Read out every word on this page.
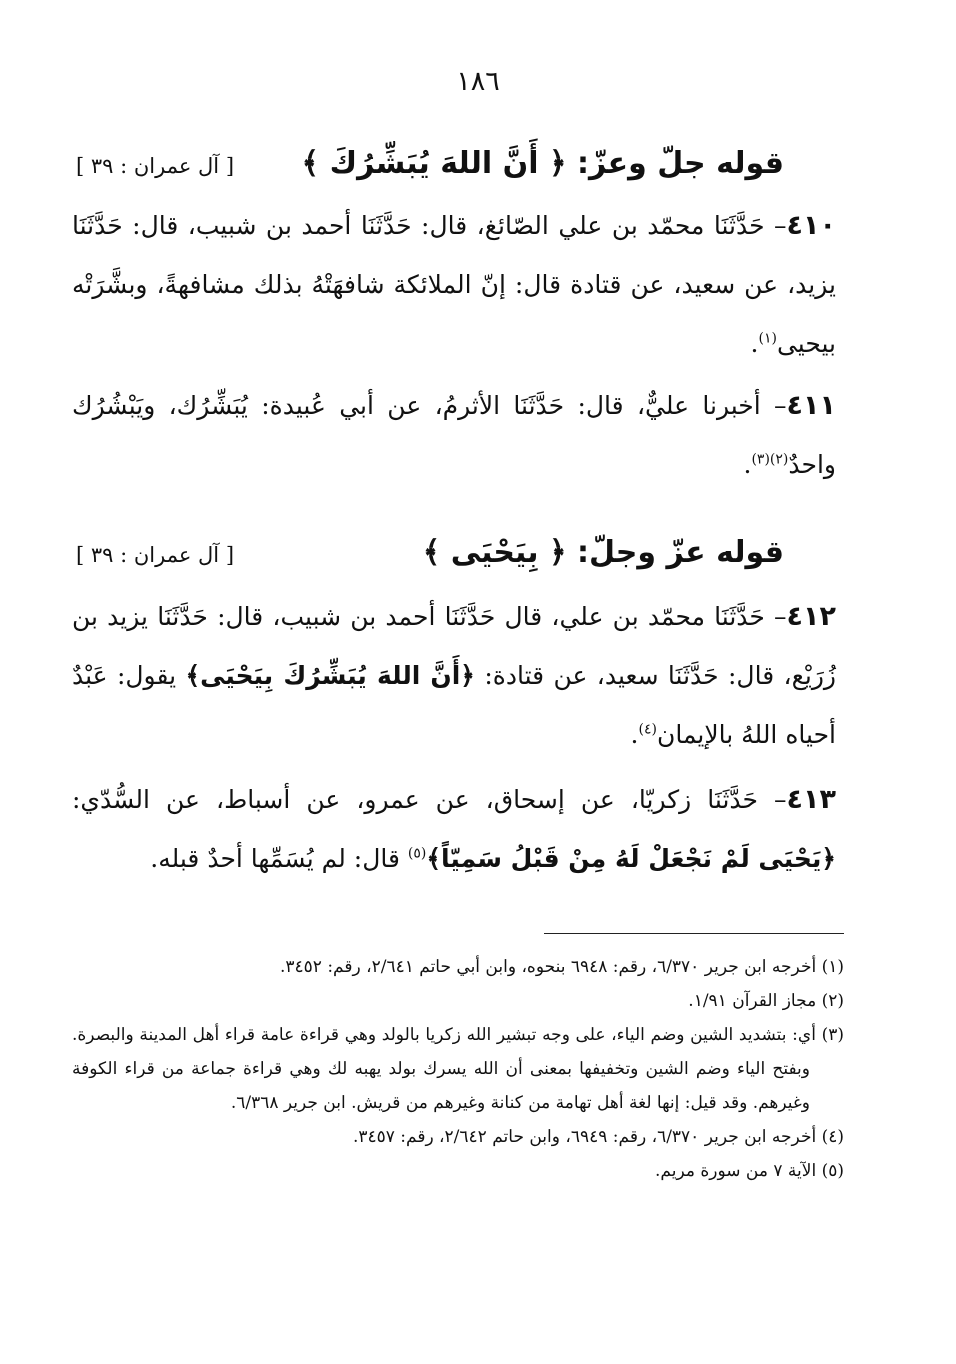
١٨٦
قوله جلّ وعزّ: ﴿ أَنَّ اللهَ يُبَشِّرُكَ ﴾
[ آل عمران : ٣٩ ]

٤١٠– حَدَّثَنَا محمّد بن علي الصّائغ، قال: حَدَّثَنَا أحمد بن شبيب، قال: حَدَّثَنَا يزيد، عن سعيد، عن قتادة قال: إنّ الملائكة شافهَتْهُ بذلك مشافهةً، وبشَّرَتْه بيحيى$^{(١)}$.

٤١١– أخبرنا عليٌّ، قال: حَدَّثَنَا الأثرمُ، عن أبي عُبيدة: يُبَشِّرُك، ويَبْشُرُك واحدٌ$^{(٢)(٣)}$.

قوله عزّ وجلّ: ﴿ بِيَحْيَى ﴾
[ آل عمران : ٣٩ ]

٤١٢– حَدَّثَنَا محمّد بن علي، قال حَدَّثَنَا أحمد بن شبيب، قال: حَدَّثَنَا يزيد بن زُرَيْع، قال: حَدَّثَنَا سعيد، عن قتادة: ﴿أَنَّ اللهَ يُبَشِّرُكَ بِيَحْيَى﴾ يقول: عَبْدٌ أحياه اللهُ بالإيمان$^{(٤)}$.

٤١٣– حَدَّثَنَا زكريّا، عن إسحاق، عن عمرو، عن أسباط، عن السُّدّي: ﴿يَحْيَى لَمْ نَجْعَلْ لَهُ مِنْ قَبْلُ سَمِيّاً﴾$^{(٥)}$ قال: لم يُسَمِّها أحدٌ قبله.

(١) أخرجه ابن جرير ٦/٣٧٠، رقم: ٦٩٤٨ بنحوه، وابن أبي حاتم ٢/٦٤١، رقم: ٣٤٥٢.

(٢) مجاز القرآن ١/٩١.

(٣) أي: بتشديد الشين وضم الياء، على وجه تبشير الله زكريا بالولد وهي قراءة عامة قراء أهل المدينة والبصرة. وبفتح الياء وضم الشين وتخفيفها بمعنى أن الله يسرك بولد يهبه لك وهي قراءة جماعة من قراء الكوفة وغيرهم. وقد قيل: إنها لغة أهل تهامة من كنانة وغيرهم من قريش. ابن جرير ٦/٣٦٨.

(٤) أخرجه ابن جرير ٦/٣٧٠، رقم: ٦٩٤٩، وابن حاتم ٢/٦٤٢، رقم: ٣٤٥٧.

(٥) الآية ٧ من سورة مريم.
